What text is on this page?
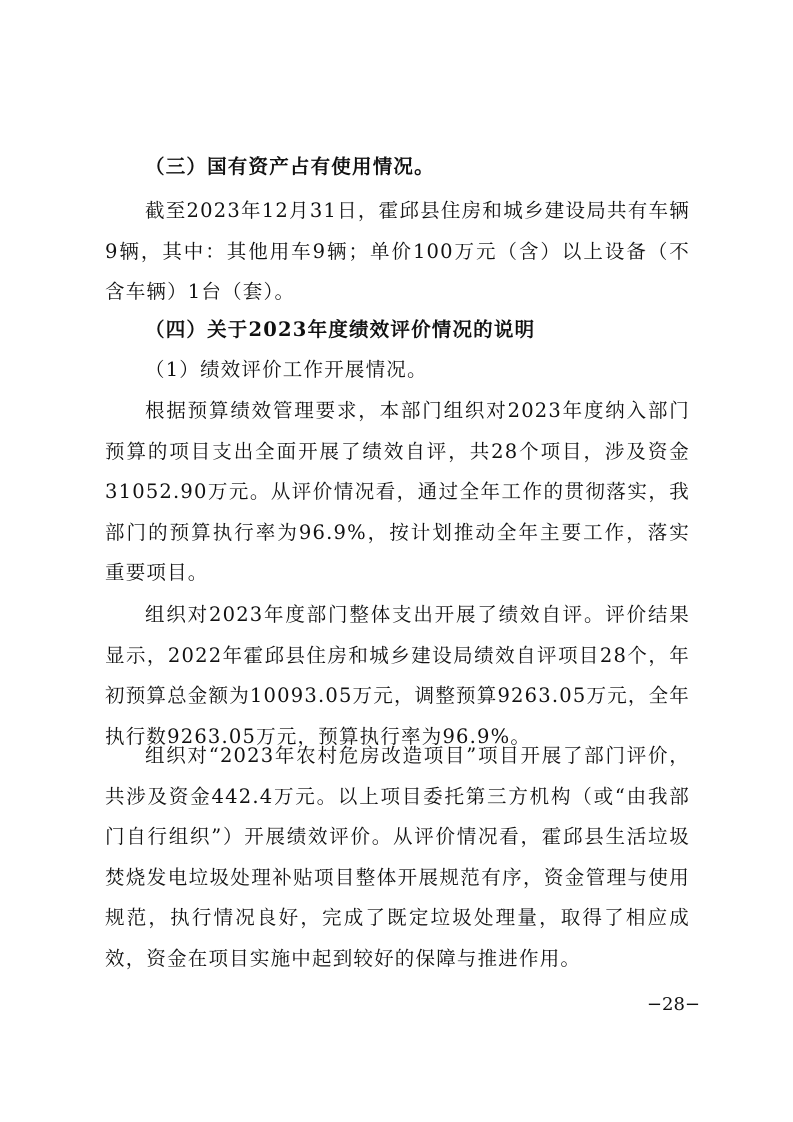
（三）国有资产占有使用情况。
截至2023年12月31日，霍邱县住房和城乡建设局共有车辆9辆，其中：其他用车9辆；单价100万元（含）以上设备（不含车辆）1台（套）。
（四）关于2023年度绩效评价情况的说明
（1）绩效评价工作开展情况。
根据预算绩效管理要求，本部门组织对2023年度纳入部门预算的项目支出全面开展了绩效自评，共28个项目，涉及资金31052.90万元。从评价情况看，通过全年工作的贯彻落实，我部门的预算执行率为96.9%，按计划推动全年主要工作，落实重要项目。
组织对2023年度部门整体支出开展了绩效自评。评价结果显示，2022年霍邱县住房和城乡建设局绩效自评项目28个，年初预算总金额为10093.05万元，调整预算9263.05万元，全年执行数9263.05万元，预算执行率为96.9%。
组织对“2023年农村危房改造项目”项目开展了部门评价，共涉及资金442.4万元。以上项目委托第三方机构（或“由我部门自行组织”）开展绩效评价。从评价情况看，霍邱县生活垃圾焚烧发电垃圾处理补贴项目整体开展规范有序，资金管理与使用规范，执行情况良好，完成了既定垃圾处理量，取得了相应成效，资金在项目实施中起到较好的保障与推进作用。
−28−
